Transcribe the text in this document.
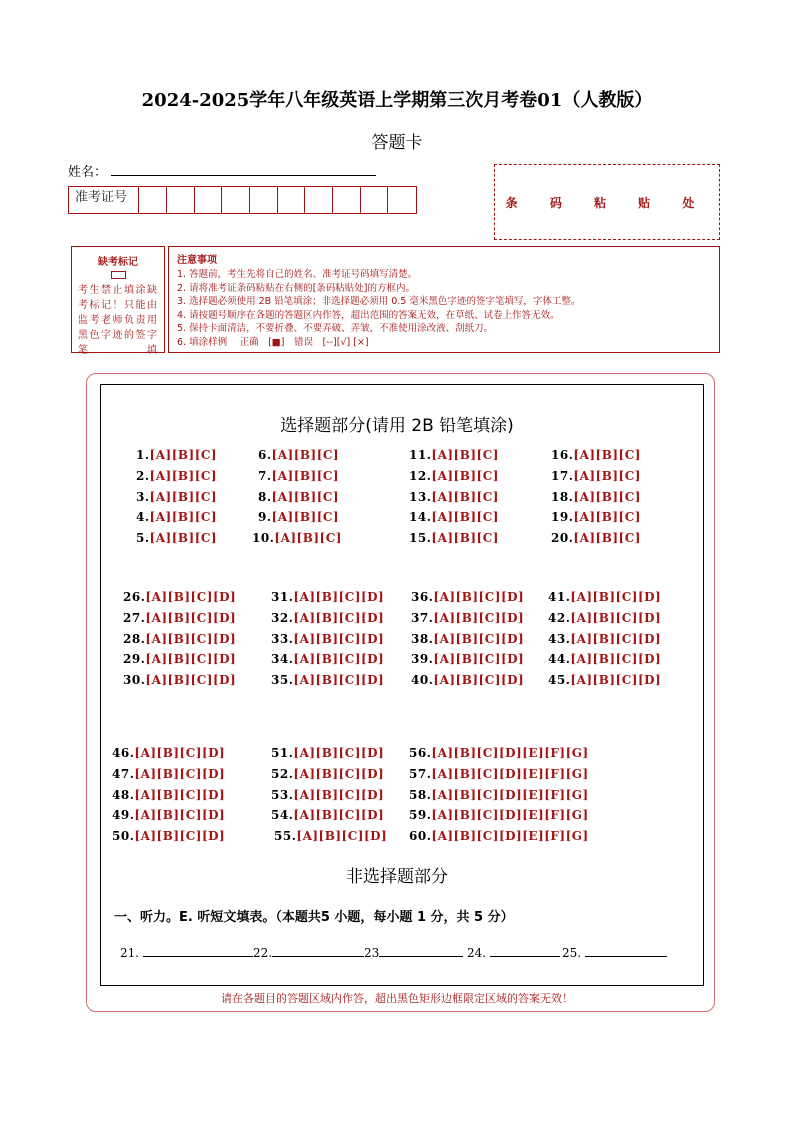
2024-2025学年八年级英语上学期第三次月考卷01（人教版）
答题卡
姓名：
准考证号	条 码 粘 贴 处
缺考标记
考生禁止填涂缺考标记！只能由监考老师负责用黑色字迹的签字笔填
注意事项
1. 答题前，考生先将自己的姓名、准考证号码填写清楚。
2. 请将准考证条码粘贴在右侧的[条码粘贴处]的方框内。
3. 选择题必须使用 2B 铅笔填涂；非选择题必须用 0.5 毫米黑色字迹的签字笔填写，字体工整。
4. 请按题号顺序在各题的答题区内作答，超出范围的答案无效，在草纸、试卷上作答无效。
5. 保持卡面清洁，不要折叠、不要弄破、弄皱，不准使用涂改液、刮纸刀。
6. 填涂样例　 正确　[■]　错误　[--][√] [×]
选择题部分(请用 2B 铅笔填涂)
1.[A][B][C]
2.[A][B][C]
3.[A][B][C]
4.[A][B][C]
5.[A][B][C]
6.[A][B][C]
7.[A][B][C]
8.[A][B][C]
9.[A][B][C]
10.[A][B][C]
11.[A][B][C]
12.[A][B][C]
13.[A][B][C]
14.[A][B][C]
15.[A][B][C]
16.[A][B][C]
17.[A][B][C]
18.[A][B][C]
19.[A][B][C]
20.[A][B][C]
26.[A][B][C][D]
27.[A][B][C][D]
28.[A][B][C][D]
29.[A][B][C][D]
30.[A][B][C][D]
31.[A][B][C][D]
32.[A][B][C][D]
33.[A][B][C][D]
34.[A][B][C][D]
35.[A][B][C][D]
36.[A][B][C][D]
37.[A][B][C][D]
38.[A][B][C][D]
39.[A][B][C][D]
40.[A][B][C][D]
41.[A][B][C][D]
42.[A][B][C][D]
43.[A][B][C][D]
44.[A][B][C][D]
45.[A][B][C][D]
46.[A][B][C][D]
47.[A][B][C][D]
48.[A][B][C][D]
49.[A][B][C][D]
50.[A][B][C][D]
51.[A][B][C][D]
52.[A][B][C][D]
53.[A][B][C][D]
54.[A][B][C][D]
55.[A][B][C][D]
56.[A][B][C][D][E][F][G]
57.[A][B][C][D][E][F][G]
58.[A][B][C][D][E][F][G]
59.[A][B][C][D][E][F][G]
60.[A][B][C][D][E][F][G]
非选择题部分
一、听力。E. 听短文填表。（本题共5 小题，每小题 1 分，共 5 分）
21.	22.	23	24.	25.
请在各题目的答题区域内作答，超出黑色矩形边框限定区域的答案无效！
